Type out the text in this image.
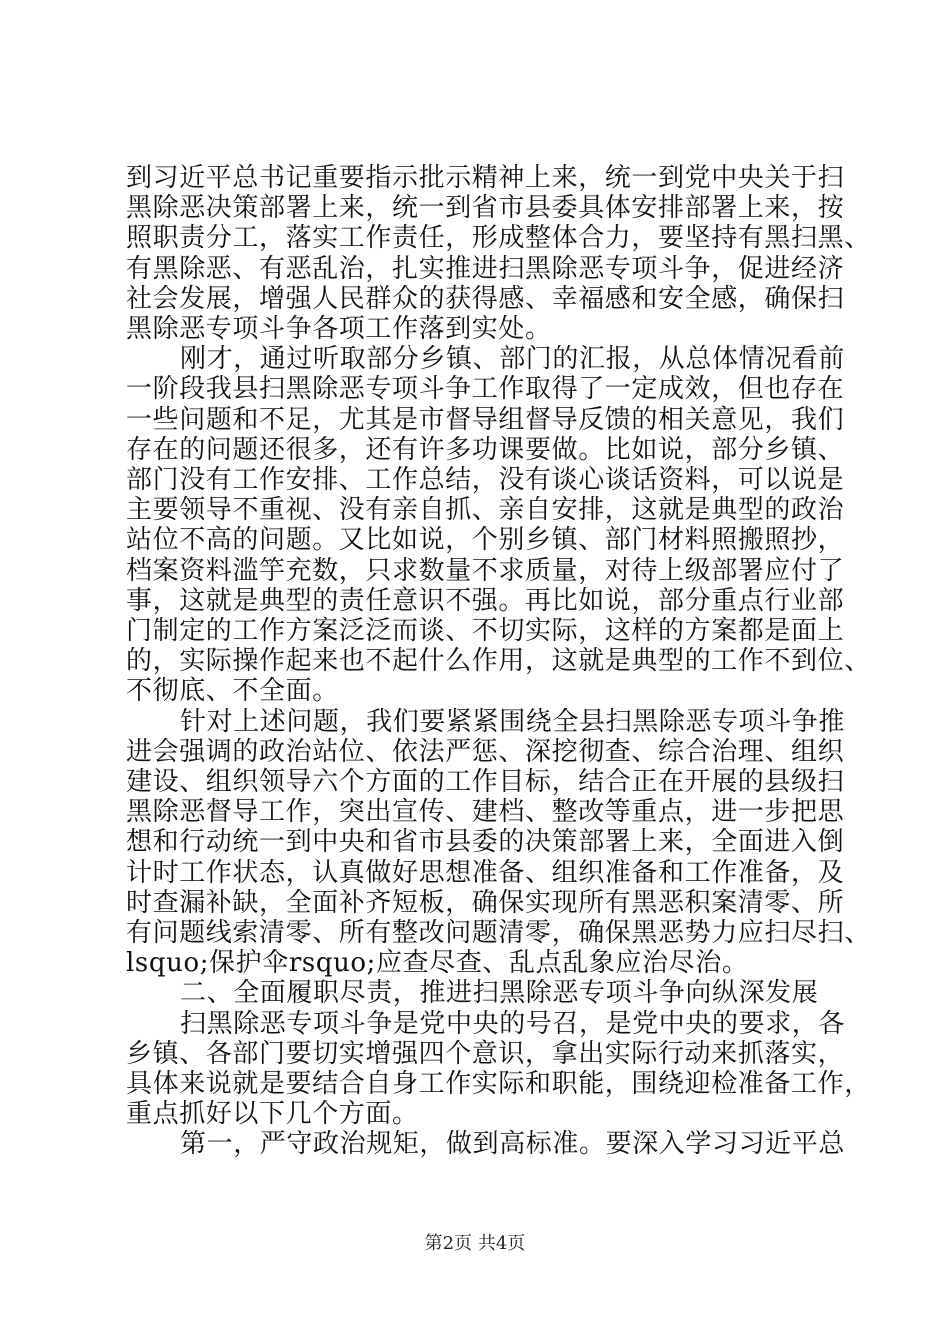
到习近平总书记重要指示批示精神上来，统一到党中央关于扫
黑除恶决策部署上来，统一到省市县委具体安排部署上来，按
照职责分工，落实工作责任，形成整体合力，要坚持有黑扫黑、
有黑除恶、有恶乱治，扎实推进扫黑除恶专项斗争，促进经济
社会发展，增强人民群众的获得感、幸福感和安全感，确保扫
黑除恶专项斗争各项工作落到实处。
刚才，通过听取部分乡镇、部门的汇报，从总体情况看前
一阶段我县扫黑除恶专项斗争工作取得了一定成效，但也存在
一些问题和不足，尤其是市督导组督导反馈的相关意见，我们
存在的问题还很多，还有许多功课要做。比如说，部分乡镇、
部门没有工作安排、工作总结，没有谈心谈话资料，可以说是
主要领导不重视、没有亲自抓、亲自安排，这就是典型的政治
站位不高的问题。又比如说，个别乡镇、部门材料照搬照抄，
档案资料滥竽充数，只求数量不求质量，对待上级部署应付了
事，这就是典型的责任意识不强。再比如说，部分重点行业部
门制定的工作方案泛泛而谈、不切实际，这样的方案都是面上
的，实际操作起来也不起什么作用，这就是典型的工作不到位、
不彻底、不全面。
针对上述问题，我们要紧紧围绕全县扫黑除恶专项斗争推
进会强调的政治站位、依法严惩、深挖彻查、综合治理、组织
建设、组织领导六个方面的工作目标，结合正在开展的县级扫
黑除恶督导工作，突出宣传、建档、整改等重点，进一步把思
想和行动统一到中央和省市县委的决策部署上来，全面进入倒
计时工作状态，认真做好思想准备、组织准备和工作准备，及
时查漏补缺，全面补齐短板，确保实现所有黑恶积案清零、所
有问题线索清零、所有整改问题清零，确保黑恶势力应扫尽扫、
lsquo;保护伞rsquo;应查尽查、乱点乱象应治尽治。
二、全面履职尽责，推进扫黑除恶专项斗争向纵深发展
扫黑除恶专项斗争是党中央的号召，是党中央的要求，各
乡镇、各部门要切实增强四个意识，拿出实际行动来抓落实，
具体来说就是要结合自身工作实际和职能，围绕迎检准备工作，
重点抓好以下几个方面。
第一，严守政治规矩，做到高标准。要深入学习习近平总
第2页 共4页
